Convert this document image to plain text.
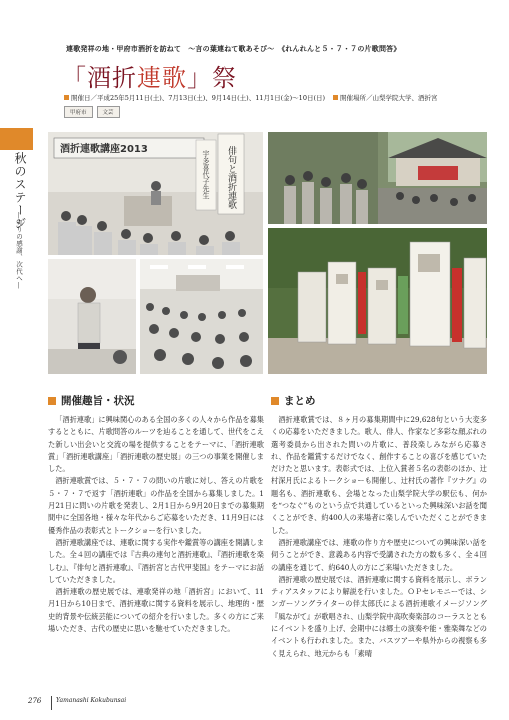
秋のステージ
―実りの感謝、次代へ―
連歌発祥の地・甲府市酒折を訪ねて　～言の葉連ねて歌あそび～　《れんれんと５・７・７の片歌問答》
「酒折連歌」祭
開催日／平成25年5月11日(土)、7月13日(土)、9月14日(土)、11月1日(金)～10日(日) 開催場所／山梨学院大学、酒折宮
甲府市	文芸
酒折連歌講座2013	俳句と酒折連歌
宇多喜代子先生
開催趣旨・状況

「酒折連歌」に興味関心のある全国の多くの人々から作品を募集するとともに、片歌問答のルーツを辿ることを通して、世代をこえた新しい出会いと交流の場を提供することをテーマに、「酒折連歌賞」「酒折連歌講座」「酒折連歌の歴史展」の三つの事業を開催しました。

酒折連歌賞では、５・７・７の問いの片歌に対し、答えの片歌を５・７・７で返す「酒折連歌」の作品を全国から募集しました。1月21日に問いの片歌を発表し、2月1日から9月20日までの募集期間中に全国各地・様々な年代からご応募をいただき、11月9日には優秀作品の表彰式とトークショーを行いました。

酒折連歌講座では、連歌に関する実作や鑑賞等の講座を開講しました。全４回の講座では『古典の連句と酒折連歌』、『酒折連歌を楽しむ』、『俳句と酒折連歌』、『酒折宮と古代甲斐国』をテーマにお話していただきました。

酒折連歌の歴史展では、連歌発祥の地「酒折宮」において、11月1日から10日まで、酒折連歌に関する資料を展示し、地理的・歴史的背景や伝統芸能についての紹介を行いました。多くの方にご来場いただき、古代の歴史に思いを馳せていただきました。

まとめ

酒折連歌賞では、８ヶ月の募集期間中に29,628句という大変多くの応募をいただきました。歌人、俳人、作家など多彩な顔ぶれの選考委員から出された問いの片歌に、普段楽しみながら応募され、作品を鑑賞するだけでなく、創作することの喜びを感じていただけたと思います。表彰式では、上位入賞者５名の表彰のほか、辻村深月氏によるトークショーも開催し、辻村氏の著作『ツナグ』の題名も、酒折連歌も、会場となった山梨学院大学の駅伝も、何かを“つなぐ”ものという点で共通しているといった興味深いお話を聞くことができ、約400人の来場者に楽しんでいただくことができました。

酒折連歌講座では、連歌の作り方や歴史についての興味深い話を伺うことができ、意義ある内容で受講された方の数も多く、全４回の講座を通じて、約640人の方にご来場いただきました。

酒折連歌の歴史展では、酒折連歌に関する資料を展示し、ボランティアスタッフにより解説を行いました。ＯＰセレモニーでは、シンガーソングライターの伴太郎氏による酒折連歌イメージソング『風ながて』が歌唱され、山梨学院中高吹奏楽部のコーラスとともにイベントを盛り上げ、会期中には郷土の演奏や能・雅楽舞などのイベントも行われました。また、バスツアーや県外からの視察も多く見えられ、地元からも「素晴

276 Yamanashi Kokubunsai
